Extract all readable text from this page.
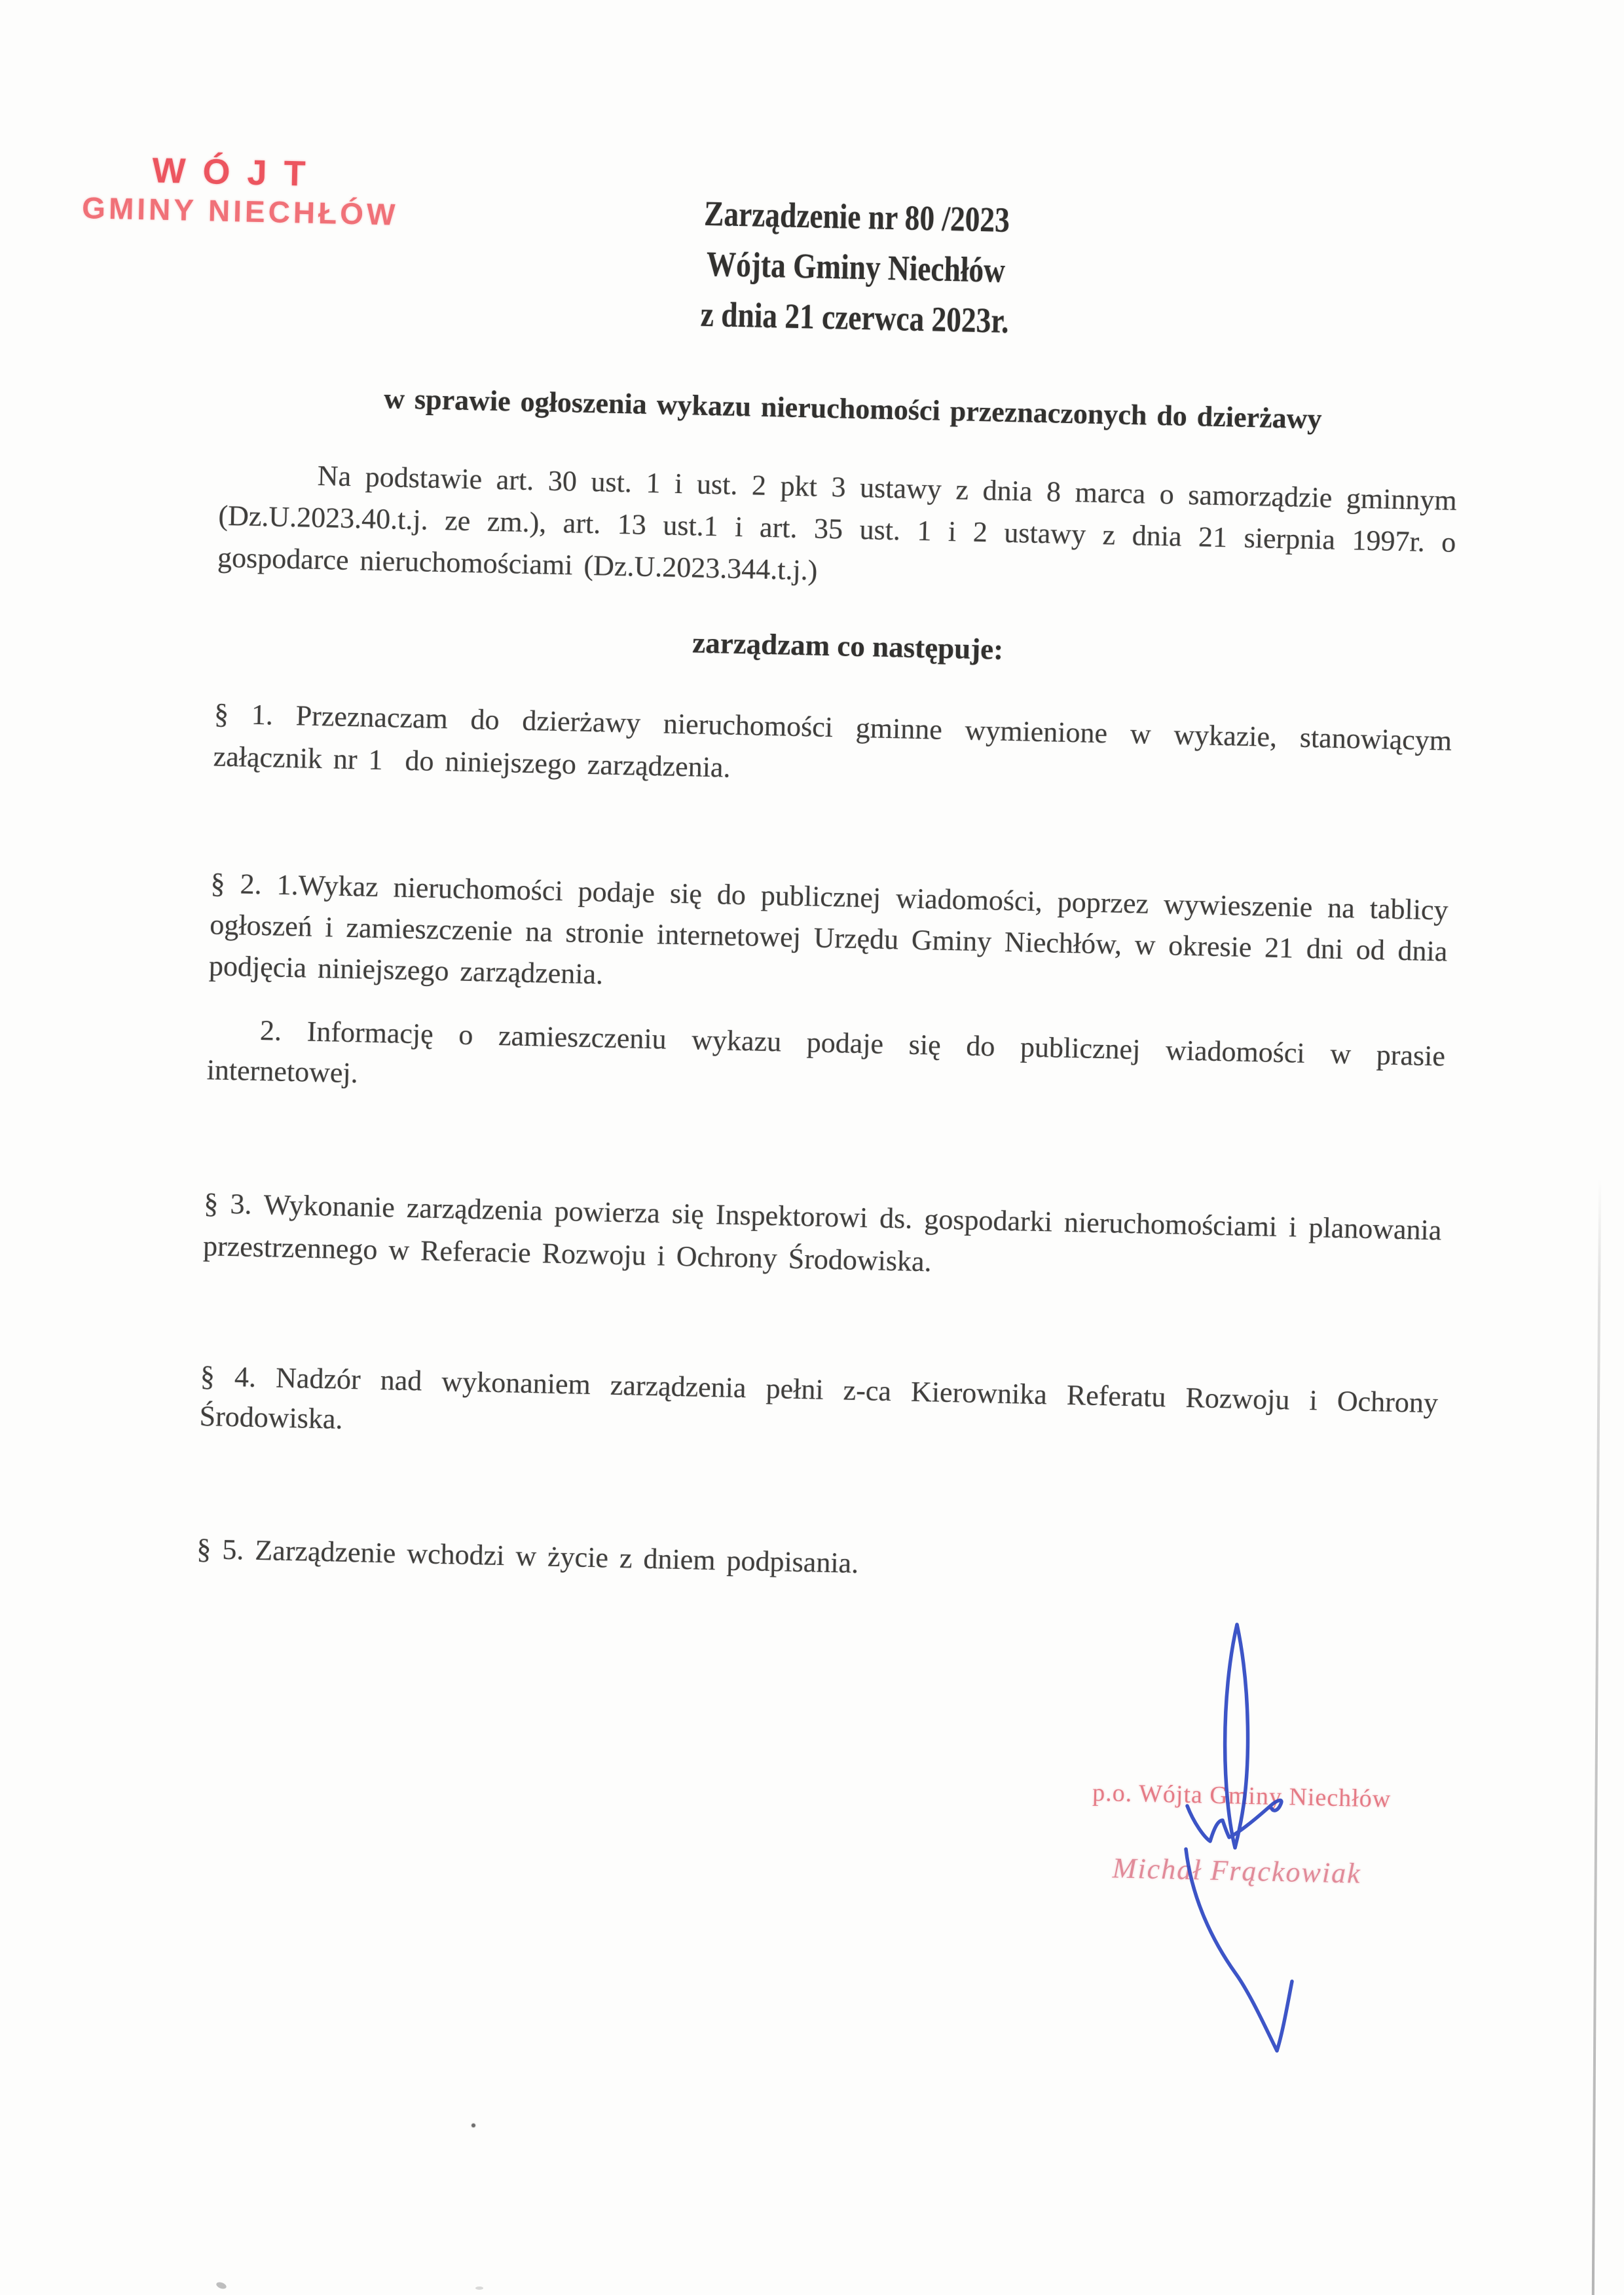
WÓJT
GMINY NIECHŁÓW	Zarządzenie nr 80 /2023
Wójta Gminy Niechłów
z dnia 21 czerwca 2023r.
w sprawie ogłoszenia wykazu nieruchomości przeznaczonych do dzierżawy
zarządzam co następuje:
Na podstawie art. 30 ust. 1 i ust. 2 pkt 3 ustawy z dnia 8 marca o samorządzie gminnym
(Dz.U.2023.40.t.j. ze zm.), art. 13 ust.1 i art. 35 ust. 1 i 2 ustawy z dnia 21 sierpnia 1997r. o
gospodarce nieruchomościami (Dz.U.2023.344.t.j.)
§ 1. Przeznaczam do dzierżawy nieruchomości gminne wymienione w wykazie, stanowiącym
załącznik nr 1  do niniejszego zarządzenia.
§ 2. 1.Wykaz nieruchomości podaje się do publicznej wiadomości, poprzez wywieszenie na tablicy
ogłoszeń i zamieszczenie na stronie internetowej Urzędu Gminy Niechłów, w okresie 21 dni od dnia
podjęcia niniejszego zarządzenia.
2. Informację o zamieszczeniu wykazu podaje się do publicznej wiadomości w prasie
internetowej.
§ 3. Wykonanie zarządzenia powierza się Inspektorowi ds. gospodarki nieruchomościami i planowania
przestrzennego w Referacie Rozwoju i Ochrony Środowiska.
§ 4. Nadzór nad wykonaniem zarządzenia pełni z-ca Kierownika Referatu Rozwoju i Ochrony
Środowiska.
§ 5. Zarządzenie wchodzi w życie z dniem podpisania.
p.o. Wójta Gminy Niechłów
Michał Frąckowiak
